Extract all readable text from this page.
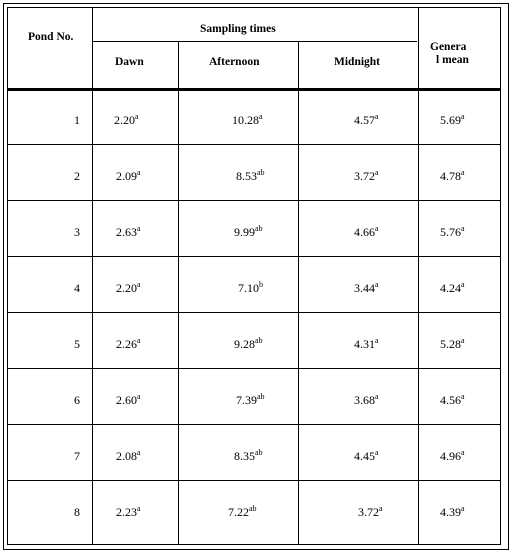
Pond No.
Sampling times
Genera
l mean
Dawn	Afternoon	Midnight
1	2.20$^a$	10.28$^a$	4.57$^a$	5.69$^a$
2	2.09$^a$	8.53$^{ab}$	3.72$^a$	4.78$^a$
3	2.63$^a$	9.99$^{ab}$	4.66$^a$	5.76$^a$
4	2.20$^a$	7.10$^b$	3.44$^a$	4.24$^a$
5	2.26$^a$	9.28$^{ab}$	4.31$^a$	5.28$^a$
6	2.60$^a$	7.39$^{ab}$	3.68$^a$	4.56$^a$
7	2.08$^a$	8.35$^{ab}$	4.45$^a$	4.96$^a$
8	2.23$^a$	7.22$^{ab}$	3.72$^a$	4.39$^a$
